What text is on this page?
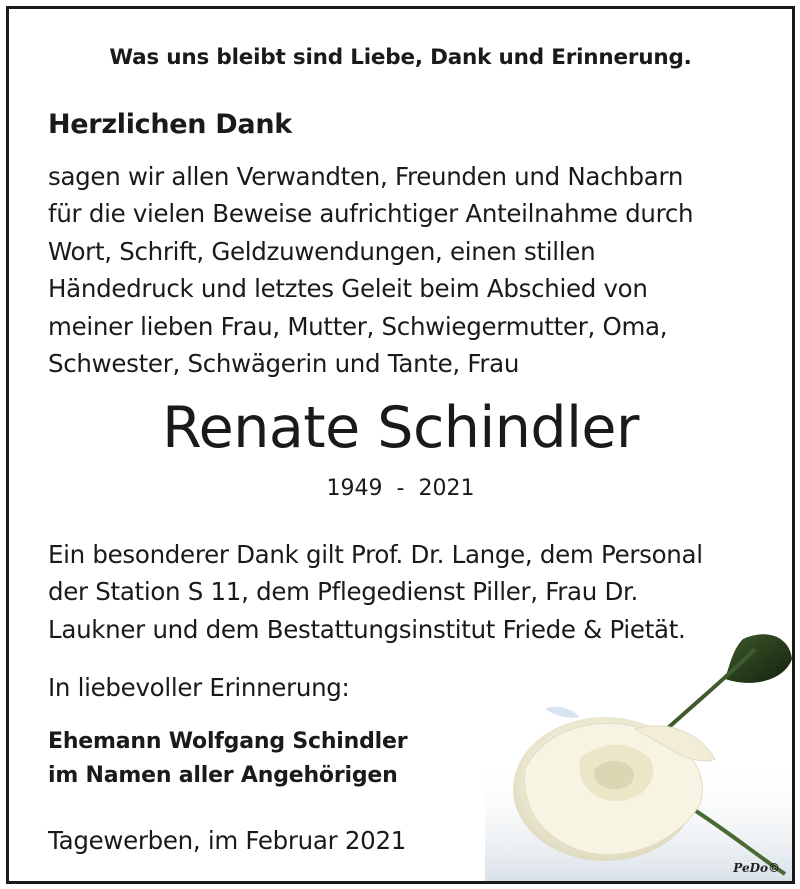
Was uns bleibt sind Liebe, Dank und Erinnerung.
Herzlichen Dank
sagen wir allen Verwandten, Freunden und Nachbarn
für die vielen Beweise aufrichtiger Anteilnahme durch
Wort, Schrift, Geldzuwendungen, einen stillen
Händedruck und letztes Geleit beim Abschied von
meiner lieben Frau, Mutter, Schwiegermutter, Oma,
Schwester, Schwägerin und Tante, Frau
Renate Schindler
1949  -  2021
Ein besonderer Dank gilt Prof. Dr. Lange, dem Personal
der Station S 11, dem Pflegedienst Piller, Frau Dr.
Laukner und dem Bestattungsinstitut Friede & Pietät.
In liebevoller Erinnerung:
Ehemann Wolfgang Schindler
im Namen aller Angehörigen
Tagewerben, im Februar 2021
PeDo©
